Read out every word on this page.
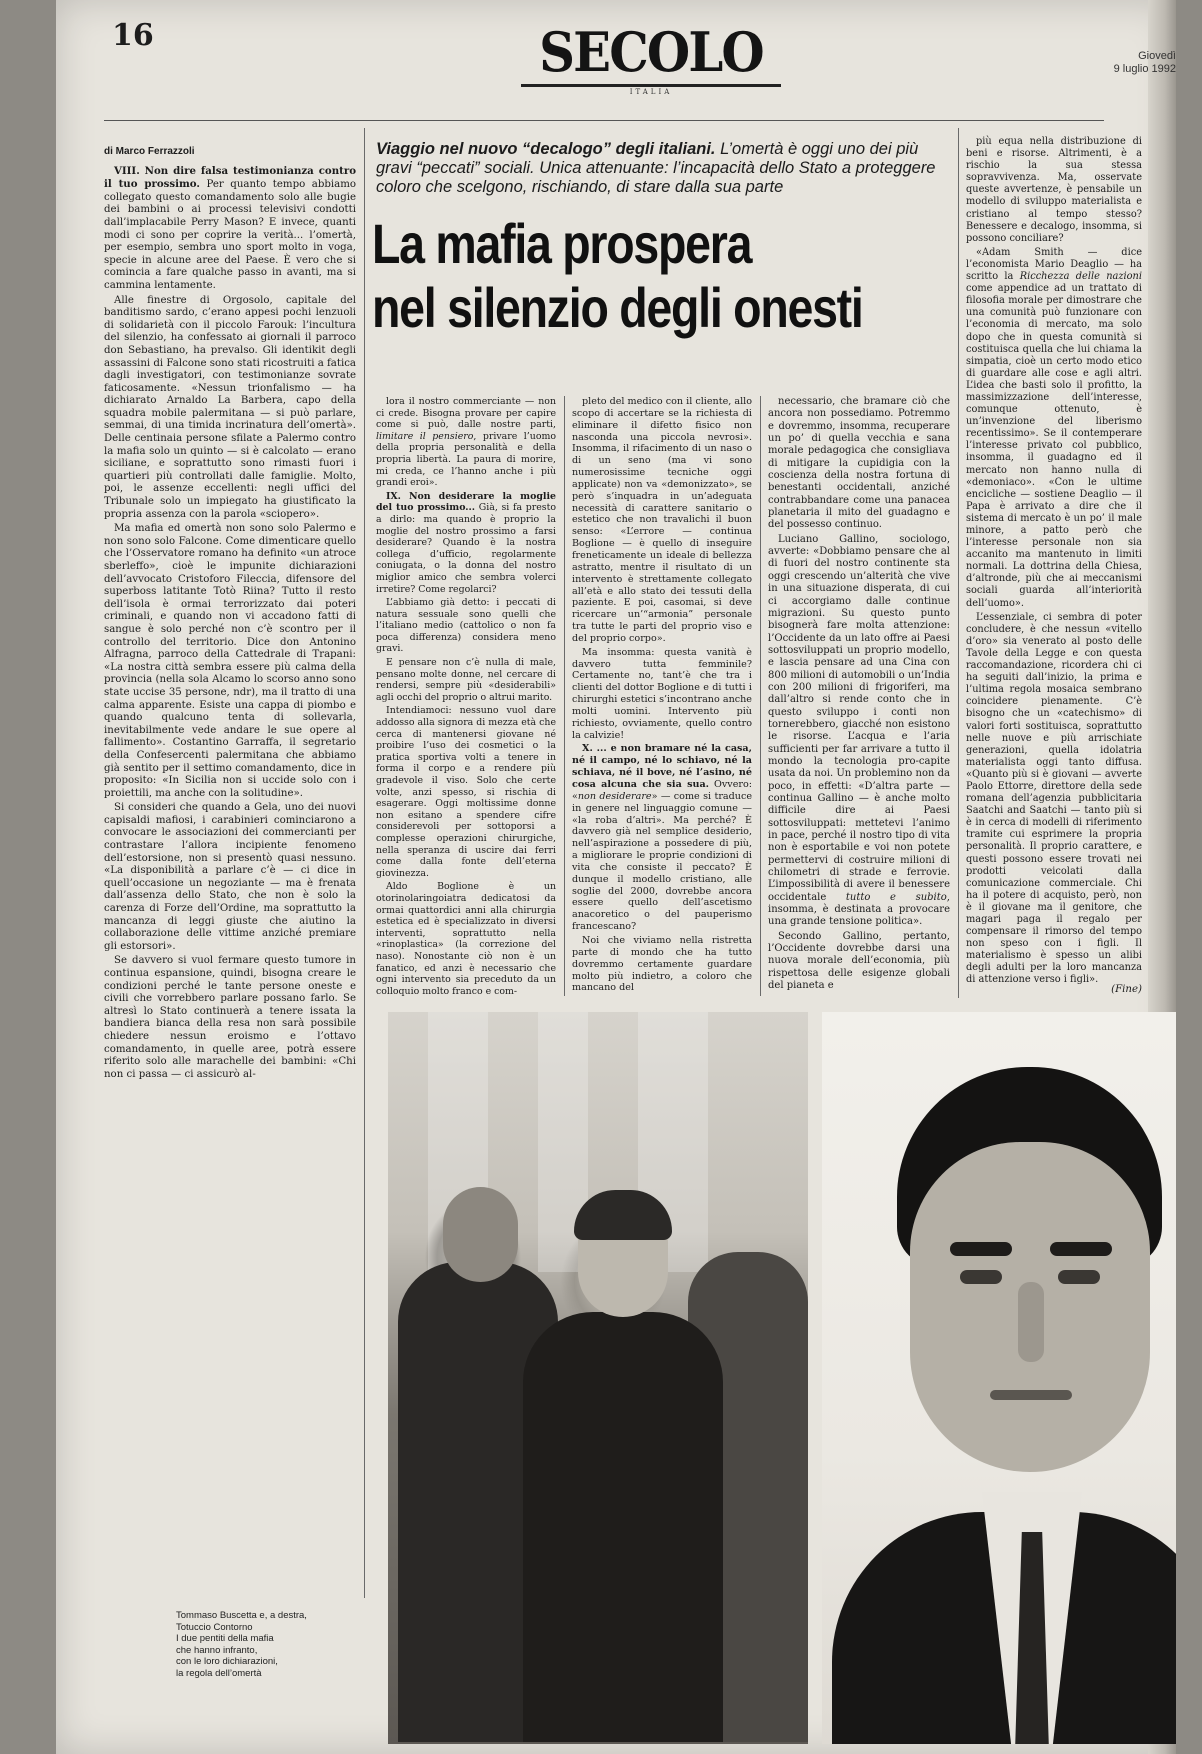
16	SECOLO
ITALIA
Giovedì
9 luglio 1992
di Marco Ferrazzoli

VIII. Non dire falsa testimonianza contro il tuo prossimo. Per quanto tempo abbiamo collegato questo comandamento solo alle bugie dei bambini o ai processi televisivi condotti dall’implacabile Perry Mason? E invece, quanti modi ci sono per coprire la verità... l’omertà, per esempio, sembra uno sport molto in voga, specie in alcune aree del Paese. È vero che si comincia a fare qualche passo in avanti, ma si cammina lentamente.

Alle finestre di Orgosolo, capitale del banditismo sardo, c’erano appesi pochi lenzuoli di solidarietà con il piccolo Farouk: l’incultura del silenzio, ha confessato ai giornali il parroco don Sebastiano, ha prevalso. Gli identikit degli assassini di Falcone sono stati ricostruiti a fatica dagli investigatori, con testimonianze sovrate faticosamente. «Nessun trionfalismo — ha dichiarato Arnaldo La Barbera, capo della squadra mobile palermitana — si può parlare, semmai, di una timida incrinatura dell’omertà». Delle centinaia persone sfilate a Palermo contro la mafia solo un quinto — si è calcolato — erano siciliane, e soprattutto sono rimasti fuori i quartieri più controllati dalle famiglie. Molto, poi, le assenze eccellenti: negli uffici del Tribunale solo un impiegato ha giustificato la propria assenza con la parola «sciopero».

Ma mafia ed omertà non sono solo Palermo e non sono solo Falcone. Come dimenticare quello che l’Osservatore romano ha definito «un atroce sberleffo», cioè le impunite dichiarazioni dell’avvocato Cristoforo Fileccia, difensore del superboss latitante Totò Riina? Tutto il resto dell’isola è ormai terrorizzato dai poteri criminali, e quando non vi accadono fatti di sangue è solo perché non c’è scontro per il controllo del territorio. Dice don Antonino Alfragna, parroco della Cattedrale di Trapani: «La nostra città sembra essere più calma della provincia (nella sola Alcamo lo scorso anno sono state uccise 35 persone, ndr), ma il tratto di una calma apparente. Esiste una cappa di piombo e quando qualcuno tenta di sollevarla, inevitabilmente vede andare le sue opere al fallimento». Costantino Garraffa, il segretario della Confesercenti palermitana che abbiamo già sentito per il settimo comandamento, dice in proposito: «In Sicilia non si uccide solo con i proiettili, ma anche con la solitudine».

Si consideri che quando a Gela, uno dei nuovi capisaldi mafiosi, i carabinieri cominciarono a convocare le associazioni dei commercianti per contrastare l’allora incipiente fenomeno dell’estorsione, non si presentò quasi nessuno. «La disponibilità a parlare c’è — ci dice in quell’occasione un negoziante — ma è frenata dall’assenza dello Stato, che non è solo la carenza di Forze dell’Ordine, ma soprattutto la mancanza di leggi giuste che aiutino la collaborazione delle vittime anziché premiare gli estorsori».

Se davvero si vuol fermare questo tumore in continua espansione, quindi, bisogna creare le condizioni perché le tante persone oneste e civili che vorrebbero parlare possano farlo. Se altresì lo Stato continuerà a tenere issata la bandiera bianca della resa non sarà possibile chiedere nessun eroismo e l’ottavo comandamento, in quelle aree, potrà essere riferito solo alle marachelle dei bambini: «Chi non ci passa — ci assicurò al-

Viaggio nel nuovo “decalogo” degli italiani. L’omertà è oggi uno dei più gravi “peccati” sociali. Unica attenuante: l’incapacità dello Stato a proteggere coloro che scelgono, rischiando, di stare dalla sua parte
La mafia prospera
nel silenzio degli onesti

lora il nostro commerciante — non ci crede. Bisogna provare per capire come si può, dalle nostre parti, limitare il pensiero, privare l’uomo della propria personalità e della propria libertà. La paura di morire, mi creda, ce l’hanno anche i più grandi eroi».

IX. Non desiderare la moglie del tuo prossimo... Già, si fa presto a dirlo: ma quando è proprio la moglie del nostro prossimo a farsi desiderare? Quando è la nostra collega d’ufficio, regolarmente coniugata, o la donna del nostro miglior amico che sembra volerci irretire? Come regolarci?

L’abbiamo già detto: i peccati di natura sessuale sono quelli che l’italiano medio (cattolico o non fa poca differenza) considera meno gravi.

E pensare non c’è nulla di male, pensano molte donne, nel cercare di rendersi, sempre più «desiderabili» agli occhi del proprio o altrui marito.

Intendiamoci: nessuno vuol dare addosso alla signora di mezza età che cerca di mantenersi giovane né proibire l’uso dei cosmetici o la pratica sportiva volti a tenere in forma il corpo e a rendere più gradevole il viso. Solo che certe volte, anzi spesso, si rischia di esagerare. Oggi moltissime donne non esitano a spendere cifre considerevoli per sottoporsi a complesse operazioni chirurgiche, nella speranza di uscire dai ferri come dalla fonte dell’eterna giovinezza.

Aldo Boglione è un otorinolaringoiatra dedicatosi da ormai quattordici anni alla chirurgia estetica ed è specializzato in diversi interventi, soprattutto nella «rinoplastica» (la correzione del naso). Nonostante ciò non è un fanatico, ed anzi è necessario che ogni intervento sia preceduto da un colloquio molto franco e com-

pleto del medico con il cliente, allo scopo di accertare se la richiesta di eliminare il difetto fisico non nasconda una piccola nevrosi». Insomma, il rifacimento di un naso o di un seno (ma vi sono numerosissime tecniche oggi applicate) non va «demonizzato», se però s’inquadra in un’adeguata necessità di carattere sanitario o estetico che non travalichi il buon senso: «L’errore — continua Boglione — è quello di inseguire freneticamente un ideale di bellezza astratto, mentre il risultato di un intervento è strettamente collegato all’età e allo stato dei tessuti della paziente. E poi, casomai, si deve ricercare un’“armonia” personale tra tutte le parti del proprio viso e del proprio corpo».

Ma insomma: questa vanità è davvero tutta femminile? Certamente no, tant’è che tra i clienti del dottor Boglione e di tutti i chirurghi estetici s’incontrano anche molti uomini. Intervento più richiesto, ovviamente, quello contro la calvizie!

X. ... e non bramare né la casa, né il campo, né lo schiavo, né la schiava, né il bove, né l’asino, né cosa alcuna che sia sua. Ovvero: «non desiderare» — come si traduce in genere nel linguaggio comune — «la roba d’altri». Ma perché? È davvero già nel semplice desiderio, nell’aspirazione a possedere di più, a migliorare le proprie condizioni di vita che consiste il peccato? È dunque il modello cristiano, alle soglie del 2000, dovrebbe ancora essere quello dell’ascetismo anacoretico o del pauperismo francescano?

Noi che viviamo nella ristretta parte di mondo che ha tutto dovremmo certamente guardare molto più indietro, a coloro che mancano del

necessario, che bramare ciò che ancora non possediamo. Potremmo e dovremmo, insomma, recuperare un po’ di quella vecchia e sana morale pedagogica che consigliava di mitigare la cupidigia con la coscienza della nostra fortuna di benestanti occidentali, anziché contrabbandare come una panacea planetaria il mito del guadagno e del possesso continuo.

Luciano Gallino, sociologo, avverte: «Dobbiamo pensare che al di fuori del nostro continente sta oggi crescendo un’alterità che vive in una situazione disperata, di cui ci accorgiamo dalle continue migrazioni. Su questo punto bisognerà fare molta attenzione: l’Occidente da un lato offre ai Paesi sottosviluppati un proprio modello, e lascia pensare ad una Cina con 800 milioni di automobili o un’India con 200 milioni di frigoriferi, ma dall’altro si rende conto che in questo sviluppo i conti non tornerebbero, giacché non esistono le risorse. L’acqua e l’aria sufficienti per far arrivare a tutto il mondo la tecnologia pro-capite usata da noi. Un problemino non da poco, in effetti: «D’altra parte — continua Gallino — è anche molto difficile dire ai Paesi sottosviluppati: mettetevi l’animo in pace, perché il nostro tipo di vita non è esportabile e voi non potete permettervi di costruire milioni di chilometri di strade e ferrovie. L’impossibilità di avere il benessere occidentale tutto e subito, insomma, è destinata a provocare una grande tensione politica».

Secondo Gallino, pertanto, l’Occidente dovrebbe darsi una nuova morale dell’economia, più rispettosa delle esigenze globali del pianeta e

più equa nella distribuzione di beni e risorse. Altrimenti, è a rischio la sua stessa sopravvivenza. Ma, osservate queste avvertenze, è pensabile un modello di sviluppo materialista e cristiano al tempo stesso? Benessere e decalogo, insomma, si possono conciliare?

«Adam Smith — dice l’economista Mario Deaglio — ha scritto la Ricchezza delle nazioni come appendice ad un trattato di filosofia morale per dimostrare che una comunità può funzionare con l’economia di mercato, ma solo dopo che in questa comunità si costituisca quella che lui chiama la simpatia, cioè un certo modo etico di guardare alle cose e agli altri. L’idea che basti solo il profitto, la massimizzazione dell’interesse, comunque ottenuto, è un’invenzione del liberismo recentissimo». Se il contemperare l’interesse privato col pubblico, insomma, il guadagno ed il mercato non hanno nulla di «demoniaco». «Con le ultime encicliche — sostiene Deaglio — il Papa è arrivato a dire che il sistema di mercato è un po’ il male minore, a patto però che l’interesse personale non sia accanito ma mantenuto in limiti normali. La dottrina della Chiesa, d’altronde, più che ai meccanismi sociali guarda all’interiorità dell’uomo».

L’essenziale, ci sembra di poter concludere, è che nessun «vitello d’oro» sia venerato al posto delle Tavole della Legge e con questa raccomandazione, ricordera chi ci ha seguiti dall’inizio, la prima e l’ultima regola mosaica sembrano coincidere pienamente. C’è bisogno che un «catechismo» di valori forti sostituisca, soprattutto nelle nuove e più arrischiate generazioni, quella idolatria materialista oggi tanto diffusa. «Quanto più si è giovani — avverte Paolo Ettorre, direttore della sede romana dell’agenzia pubblicitaria Saatchi and Saatchi — tanto più si è in cerca di modelli di riferimento tramite cui esprimere la propria personalità. Il proprio carattere, e questi possono essere trovati nei prodotti veicolati dalla comunicazione commerciale. Chi ha il potere di acquisto, però, non è il giovane ma il genitore, che magari paga il regalo per compensare il rimorso del tempo non speso con i figli. Il materialismo è spesso un alibi degli adulti per la loro mancanza di attenzione verso i figli».

(Fine)
Tommaso Buscetta e, a destra,
Totuccio Contorno
I due pentiti della mafia
che hanno infranto,
con le loro dichiarazioni,
la regola dell’omertà
